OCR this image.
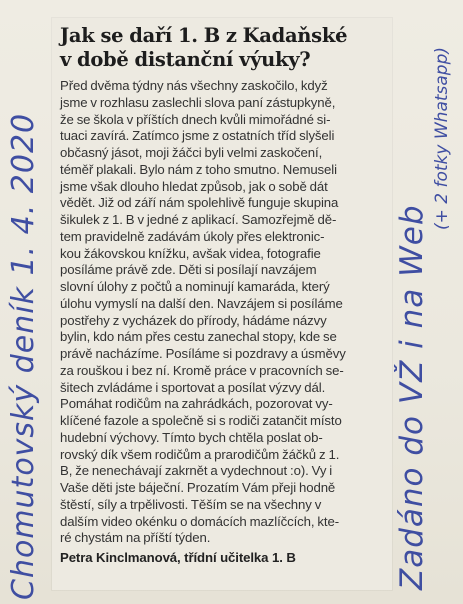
Jak se daří 1. B z Kadaňské
v době distanční výuky?
Před dvěma týdny nás všechny zaskočilo, když
jsme v rozhlasu zaslechli slova paní zástupkyně,
že se škola v příštích dnech kvůli mimořádné si-
tuaci zavírá. Zatímco jsme z ostatních tříd slyšeli
občasný jásot, moji žáčci byli velmi zaskočení,
téměř plakali. Bylo nám z toho smutno. Nemuseli
jsme však dlouho hledat způsob, jak o sobě dát
vědět. Již od září nám spolehlivě funguje skupina
šikulek z 1. B v jedné z aplikací. Samozřejmě dě-
tem pravidelně zadávám úkoly přes elektronic-
kou žákovskou knížku, avšak videa, fotografie
posíláme právě zde. Děti si posílají navzájem
slovní úlohy z počtů a nominují kamaráda, který
úlohu vymyslí na další den. Navzájem si posíláme
postřehy z vycházek do přírody, hádáme názvy
bylin, kdo nám přes cestu zanechal stopy, kde se
právě nacházíme. Posíláme si pozdravy a úsměvy
za rouškou i bez ní. Kromě práce v pracovních se-
šitech zvládáme i sportovat a posílat výzvy dál.
Pomáhat rodičům na zahrádkách, pozorovat vy-
klíčené fazole a společně si s rodiči zatančit místo
hudební výchovy. Tímto bych chtěla poslat ob-
rovský dík všem rodičům a prarodičům žáčků z 1.
B, že nenechávají zakrnět a vydechnout :o). Vy i
Vaše děti jste báječní. Prozatím Vám přeji hodně
štěstí, síly a trpělivosti. Těším se na všechny v
dalším video okénku o domácích mazlíčcích, kte-
ré chystám na příští týden.
Petra Kinclmanová, třídní učitelka 1. B
Chomutovský deník 1. 4. 2020	Zadáno do VŽ i na Web
(+ 2 fotky Whatsapp)
